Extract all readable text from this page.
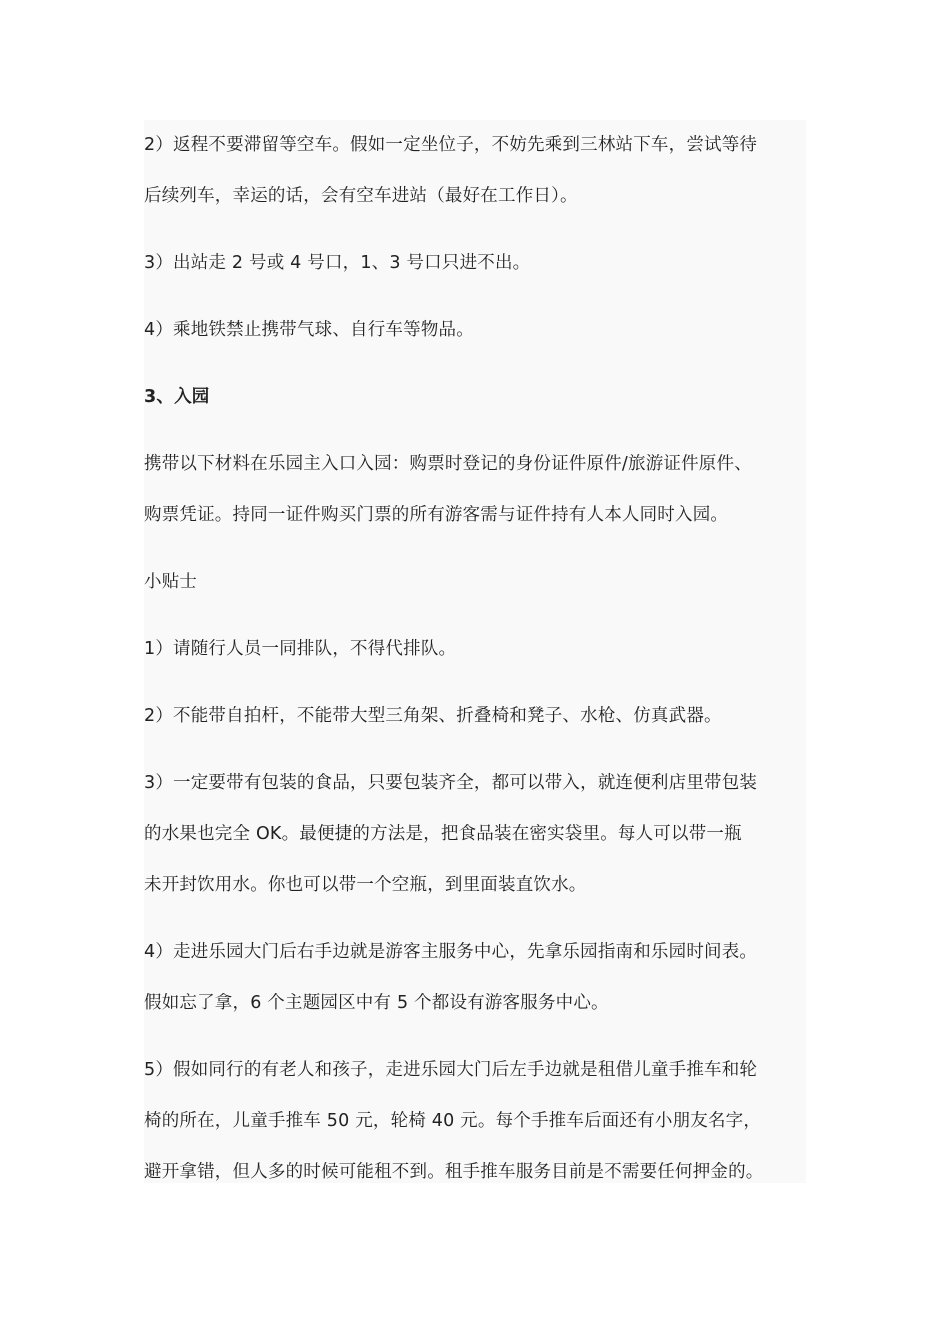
2）返程不要滞留等空车。假如一定坐位子，不妨先乘到三林站下车，尝试等待
后续列车，幸运的话，会有空车进站（最好在工作日）。

3）出站走 2 号或 4 号口，1、3 号口只进不出。

4）乘地铁禁止携带气球、自行车等物品。

3、入园

携带以下材料在乐园主入口入园：购票时登记的身份证件原件/旅游证件原件、
购票凭证。持同一证件购买门票的所有游客需与证件持有人本人同时入园。

小贴士

1）请随行人员一同排队，不得代排队。

2）不能带自拍杆，不能带大型三角架、折叠椅和凳子、水枪、仿真武器。

3）一定要带有包装的食品，只要包装齐全，都可以带入，就连便利店里带包装
的水果也完全 OK。最便捷的方法是，把食品装在密实袋里。每人可以带一瓶
未开封饮用水。你也可以带一个空瓶，到里面装直饮水。

4）走进乐园大门后右手边就是游客主服务中心，先拿乐园指南和乐园时间表。
假如忘了拿，6 个主题园区中有 5 个都设有游客服务中心。

5）假如同行的有老人和孩子，走进乐园大门后左手边就是租借儿童手推车和轮
椅的所在，儿童手推车 50 元，轮椅 40 元。每个手推车后面还有小朋友名字，
避开拿错，但人多的时候可能租不到。租手推车服务目前是不需要任何押金的。
